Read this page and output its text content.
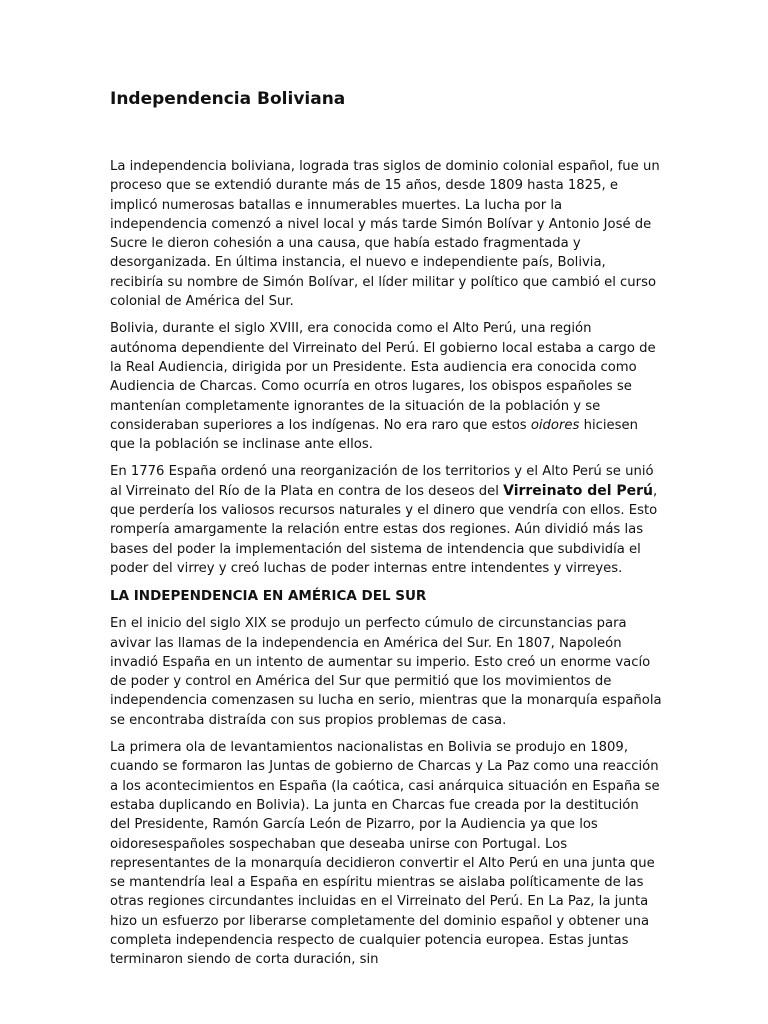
Independencia Boliviana

La independencia boliviana, lograda tras siglos de dominio colonial español, fue un proceso que se extendió durante más de 15 años, desde 1809 hasta 1825, e implicó numerosas batallas e innumerables muertes. La lucha por la independencia comenzó a nivel local y más tarde Simón Bolívar y Antonio José de Sucre le dieron cohesión a una causa, que había estado fragmentada y desorganizada. En última instancia, el nuevo e independiente país, Bolivia, recibiría su nombre de Simón Bolívar, el líder militar y político que cambió el curso colonial de América del Sur.

Bolivia, durante el siglo XVIII, era conocida como el Alto Perú, una región autónoma dependiente del Virreinato del Perú. El gobierno local estaba a cargo de la Real Audiencia, dirigida por un Presidente. Esta audiencia era conocida como Audiencia de Charcas. Como ocurría en otros lugares, los obispos españoles se mantenían completamente ignorantes de la situación de la población y se consideraban superiores a los indígenas. No era raro que estos oidores hiciesen que la población se inclinase ante ellos.

En 1776 España ordenó una reorganización de los territorios y el Alto Perú se unió al Virreinato del Río de la Plata en contra de los deseos del Virreinato del Perú, que perdería los valiosos recursos naturales y el dinero que vendría con ellos. Esto rompería amargamente la relación entre estas dos regiones. Aún dividió más las bases del poder la implementación del sistema de intendencia que subdividía el poder del virrey y creó luchas de poder internas entre intendentes y virreyes.

LA INDEPENDENCIA EN AMÉRICA DEL SUR

En el inicio del siglo XIX se produjo un perfecto cúmulo de circunstancias para avivar las llamas de la independencia en América del Sur. En 1807, Napoleón invadió España en un intento de aumentar su imperio. Esto creó un enorme vacío de poder y control en América del Sur que permitió que los movimientos de independencia comenzasen su lucha en serio, mientras que la monarquía española se encontraba distraída con sus propios problemas de casa.

La primera ola de levantamientos nacionalistas en Bolivia se produjo en 1809, cuando se formaron las Juntas de gobierno de Charcas y La Paz como una reacción a los acontecimientos en España (la caótica, casi anárquica situación en España se estaba duplicando en Bolivia). La junta en Charcas fue creada por la destitución del Presidente, Ramón García León de Pizarro, por la Audiencia ya que los oidoresespañoles sospechaban que deseaba unirse con Portugal. Los representantes de la monarquía decidieron convertir el Alto Perú en una junta que se mantendría leal a España en espíritu mientras se aislaba políticamente de las otras regiones circundantes incluidas en el Virreinato del Perú. En La Paz, la junta hizo un esfuerzo por liberarse completamente del dominio español y obtener una completa independencia respecto de cualquier potencia europea. Estas juntas terminaron siendo de corta duración, sin
